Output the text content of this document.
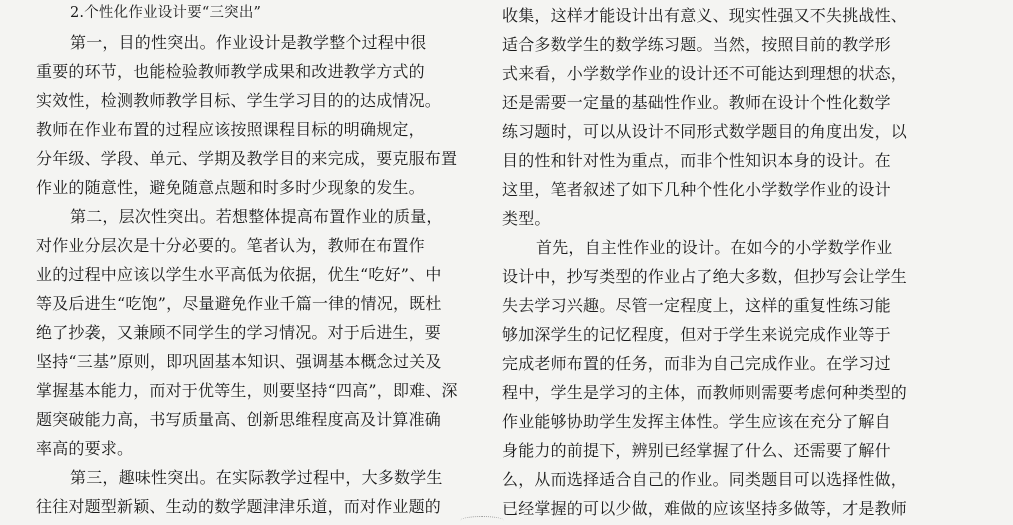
2.个性化作业设计要“三突出”
第一，目的性突出。作业设计是教学整个过程中很
重要的环节，也能检验教师教学成果和改进教学方式的
实效性，检测教师教学目标、学生学习目的的达成情况。
教师在作业布置的过程应该按照课程目标的明确规定，
分年级、学段、单元、学期及教学目的来完成，要克服布置
作业的随意性，避免随意点题和时多时少现象的发生。
第二，层次性突出。若想整体提高布置作业的质量，
对作业分层次是十分必要的。笔者认为，教师在布置作
业的过程中应该以学生水平高低为依据，优生“吃好”、中
等及后进生“吃饱”，尽量避免作业千篇一律的情况，既杜
绝了抄袭，又兼顾不同学生的学习情况。对于后进生，要
坚持“三基”原则，即巩固基本知识、强调基本概念过关及
掌握基本能力，而对于优等生，则要坚持“四高”，即难、深
题突破能力高，书写质量高、创新思维程度高及计算准确
率高的要求。
第三，趣味性突出。在实际教学过程中，大多数学生
往往对题型新颖、生动的数学题津津乐道，而对作业题的
收集，这样才能设计出有意义、现实性强又不失挑战性、
适合多数学生的数学练习题。当然，按照目前的教学形
式来看，小学数学作业的设计还不可能达到理想的状态，
还是需要一定量的基础性作业。教师在设计个性化数学
练习题时，可以从设计不同形式数学题目的角度出发，以
目的性和针对性为重点，而非个性知识本身的设计。在
这里，笔者叙述了如下几种个性化小学数学作业的设计
类型。
首先，自主性作业的设计。在如今的小学数学作业
设计中，抄写类型的作业占了绝大多数，但抄写会让学生
失去学习兴趣。尽管一定程度上，这样的重复性练习能
够加深学生的记忆程度，但对于学生来说完成作业等于
完成老师布置的任务，而非为自己完成作业。在学习过
程中，学生是学习的主体，而教师则需要考虑何种类型的
作业能够协助学生发挥主体性。学生应该在充分了解自
身能力的前提下，辨别已经掌握了什么、还需要了解什
么，从而选择适合自己的作业。同类题目可以选择性做，
已经掌握的可以少做，难做的应该坚持多做等，才是教师
